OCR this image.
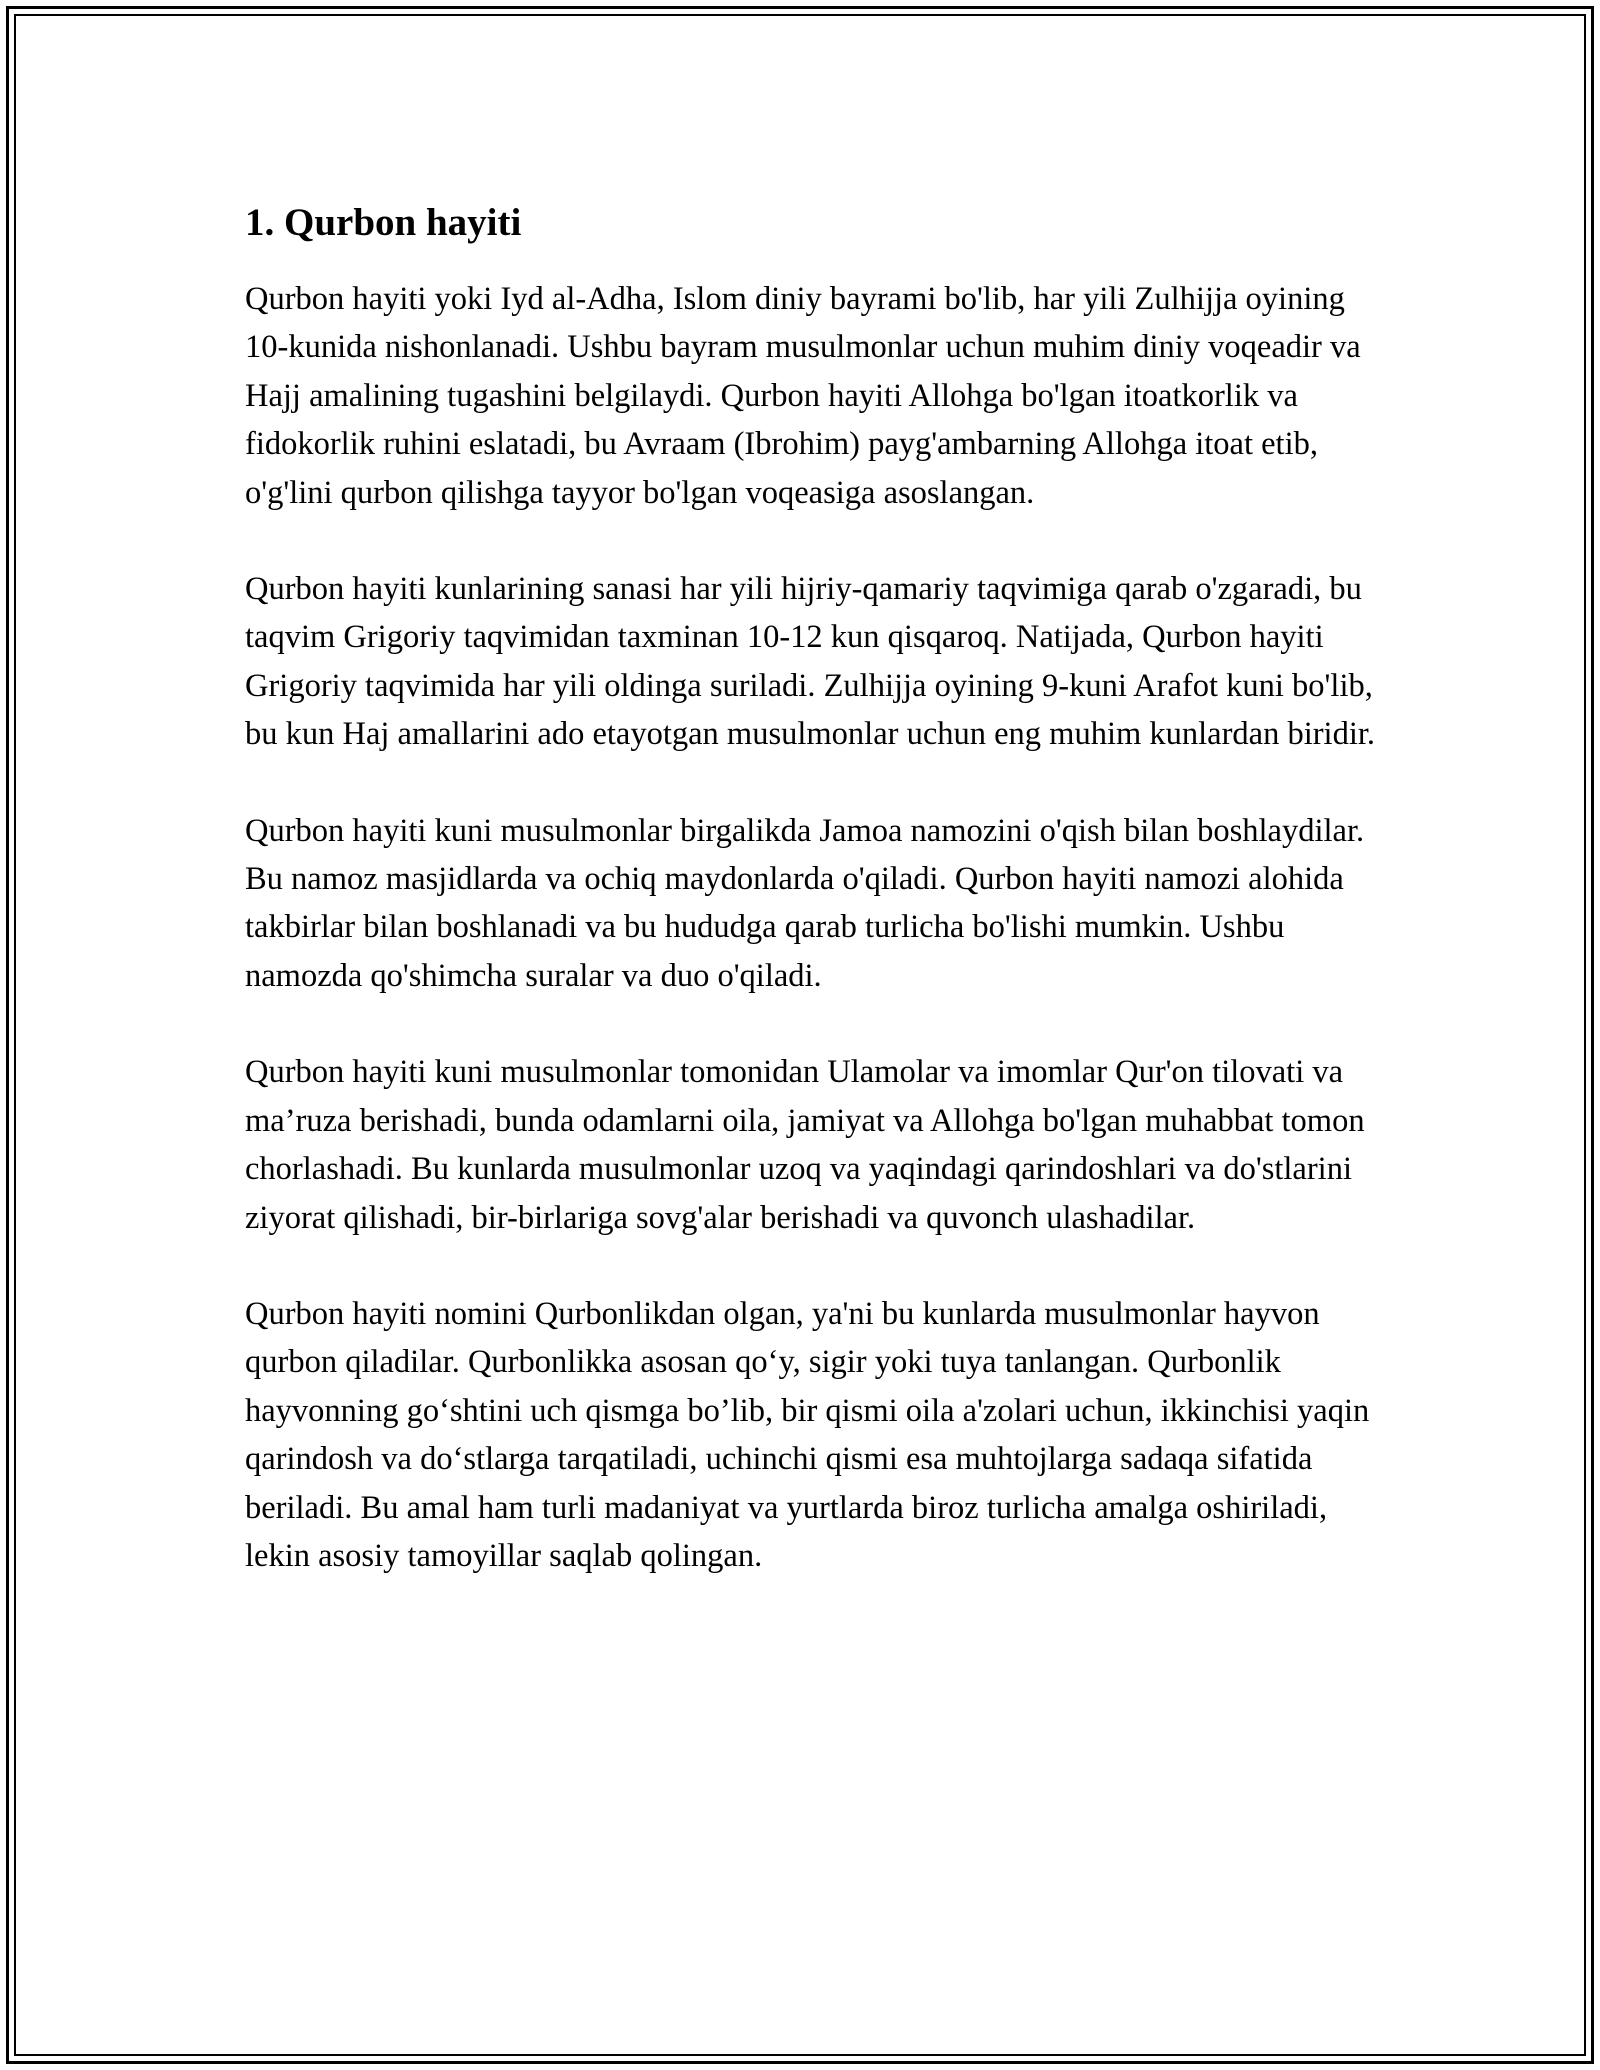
1. Qurbon hayiti

Qurbon hayiti yoki Iyd al-Adha, Islom diniy bayrami bo'lib, har yili Zulhijja oyining 10-kunida nishonlanadi. Ushbu bayram musulmonlar uchun muhim diniy voqeadir va Hajj amalining tugashini belgilaydi. Qurbon hayiti Allohga bo'lgan itoatkorlik va fidokorlik ruhini eslatadi, bu Avraam (Ibrohim) payg'ambarning Allohga itoat etib, o'g'lini qurbon qilishga tayyor bo'lgan voqeasiga asoslangan.

Qurbon hayiti kunlarining sanasi har yili hijriy-qamariy taqvimiga qarab o'zgaradi, bu taqvim Grigoriy taqvimidan taxminan 10-12 kun qisqaroq. Natijada, Qurbon hayiti Grigoriy taqvimida har yili oldinga suriladi. Zulhijja oyining 9-kuni Arafot kuni bo'lib, bu kun Haj amallarini ado etayotgan musulmonlar uchun eng muhim kunlardan biridir.

Qurbon hayiti kuni musulmonlar birgalikda Jamoa namozini o'qish bilan boshlaydilar. Bu namoz masjidlarda va ochiq maydonlarda o'qiladi. Qurbon hayiti namozi alohida takbirlar bilan boshlanadi va bu hududga qarab turlicha bo'lishi mumkin. Ushbu namozda qo'shimcha suralar va duo o'qiladi.

Qurbon hayiti kuni musulmonlar tomonidan Ulamolar va imomlar Qur'on tilovati va ma’ruza berishadi, bunda odamlarni oila, jamiyat va Allohga bo'lgan muhabbat tomon chorlashadi. Bu kunlarda musulmonlar uzoq va yaqindagi qarindoshlari va do'stlarini ziyorat qilishadi, bir-birlariga sovg'alar berishadi va quvonch ulashadilar.

Qurbon hayiti nomini Qurbonlikdan olgan, ya'ni bu kunlarda musulmonlar hayvon qurbon qiladilar. Qurbonlikka asosan qo‘y, sigir yoki tuya tanlangan. Qurbonlik hayvonning go‘shtini uch qismga bo’lib, bir qismi oila a'zolari uchun, ikkinchisi yaqin qarindosh va do‘stlarga tarqatiladi, uchinchi qismi esa muhtojlarga sadaqa sifatida beriladi. Bu amal ham turli madaniyat va yurtlarda biroz turlicha amalga oshiriladi, lekin asosiy tamoyillar saqlab qolingan.
